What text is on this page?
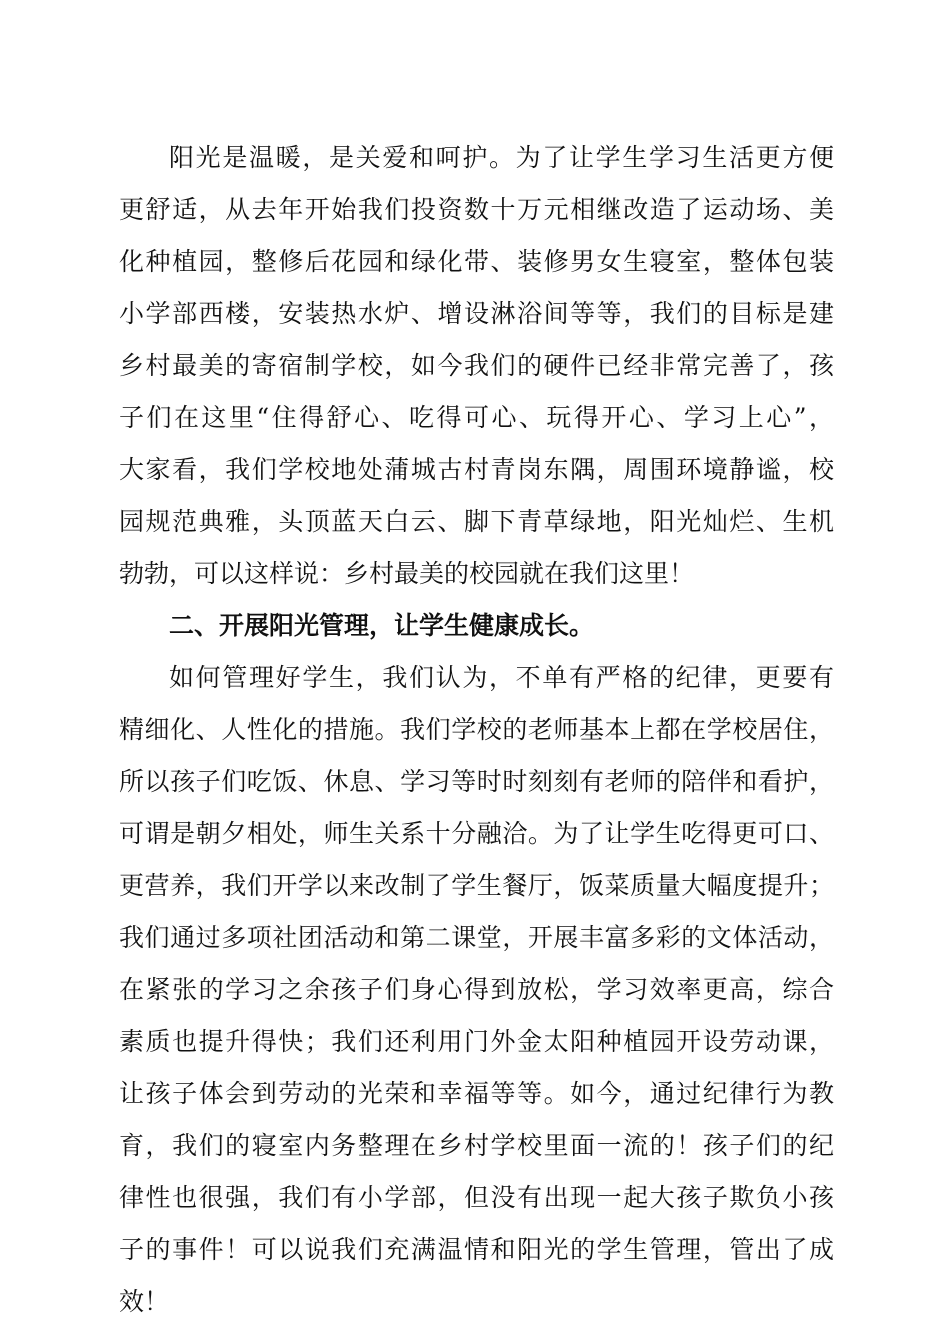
阳光是温暖，是关爱和呵护。为了让学生学习生活更方便
更舒适，从去年开始我们投资数十万元相继改造了运动场、美
化种植园，整修后花园和绿化带、装修男女生寝室，整体包装
小学部西楼，安装热水炉、增设淋浴间等等，我们的目标是建
乡村最美的寄宿制学校，如今我们的硬件已经非常完善了，孩
子们在这里“住得舒心、吃得可心、玩得开心、学习上心”，
大家看，我们学校地处蒲城古村青岗东隅，周围环境静谧，校
园规范典雅，头顶蓝天白云、脚下青草绿地，阳光灿烂、生机
勃勃，可以这样说：乡村最美的校园就在我们这里！
二、开展阳光管理，让学生健康成长。
如何管理好学生，我们认为，不单有严格的纪律，更要有
精细化、人性化的措施。我们学校的老师基本上都在学校居住，
所以孩子们吃饭、休息、学习等时时刻刻有老师的陪伴和看护，
可谓是朝夕相处，师生关系十分融洽。为了让学生吃得更可口、
更营养，我们开学以来改制了学生餐厅，饭菜质量大幅度提升；
我们通过多项社团活动和第二课堂，开展丰富多彩的文体活动，
在紧张的学习之余孩子们身心得到放松，学习效率更高，综合
素质也提升得快；我们还利用门外金太阳种植园开设劳动课，
让孩子体会到劳动的光荣和幸福等等。如今，通过纪律行为教
育，我们的寝室内务整理在乡村学校里面一流的！孩子们的纪
律性也很强，我们有小学部，但没有出现一起大孩子欺负小孩
子的事件！可以说我们充满温情和阳光的学生管理，管出了成
效！
